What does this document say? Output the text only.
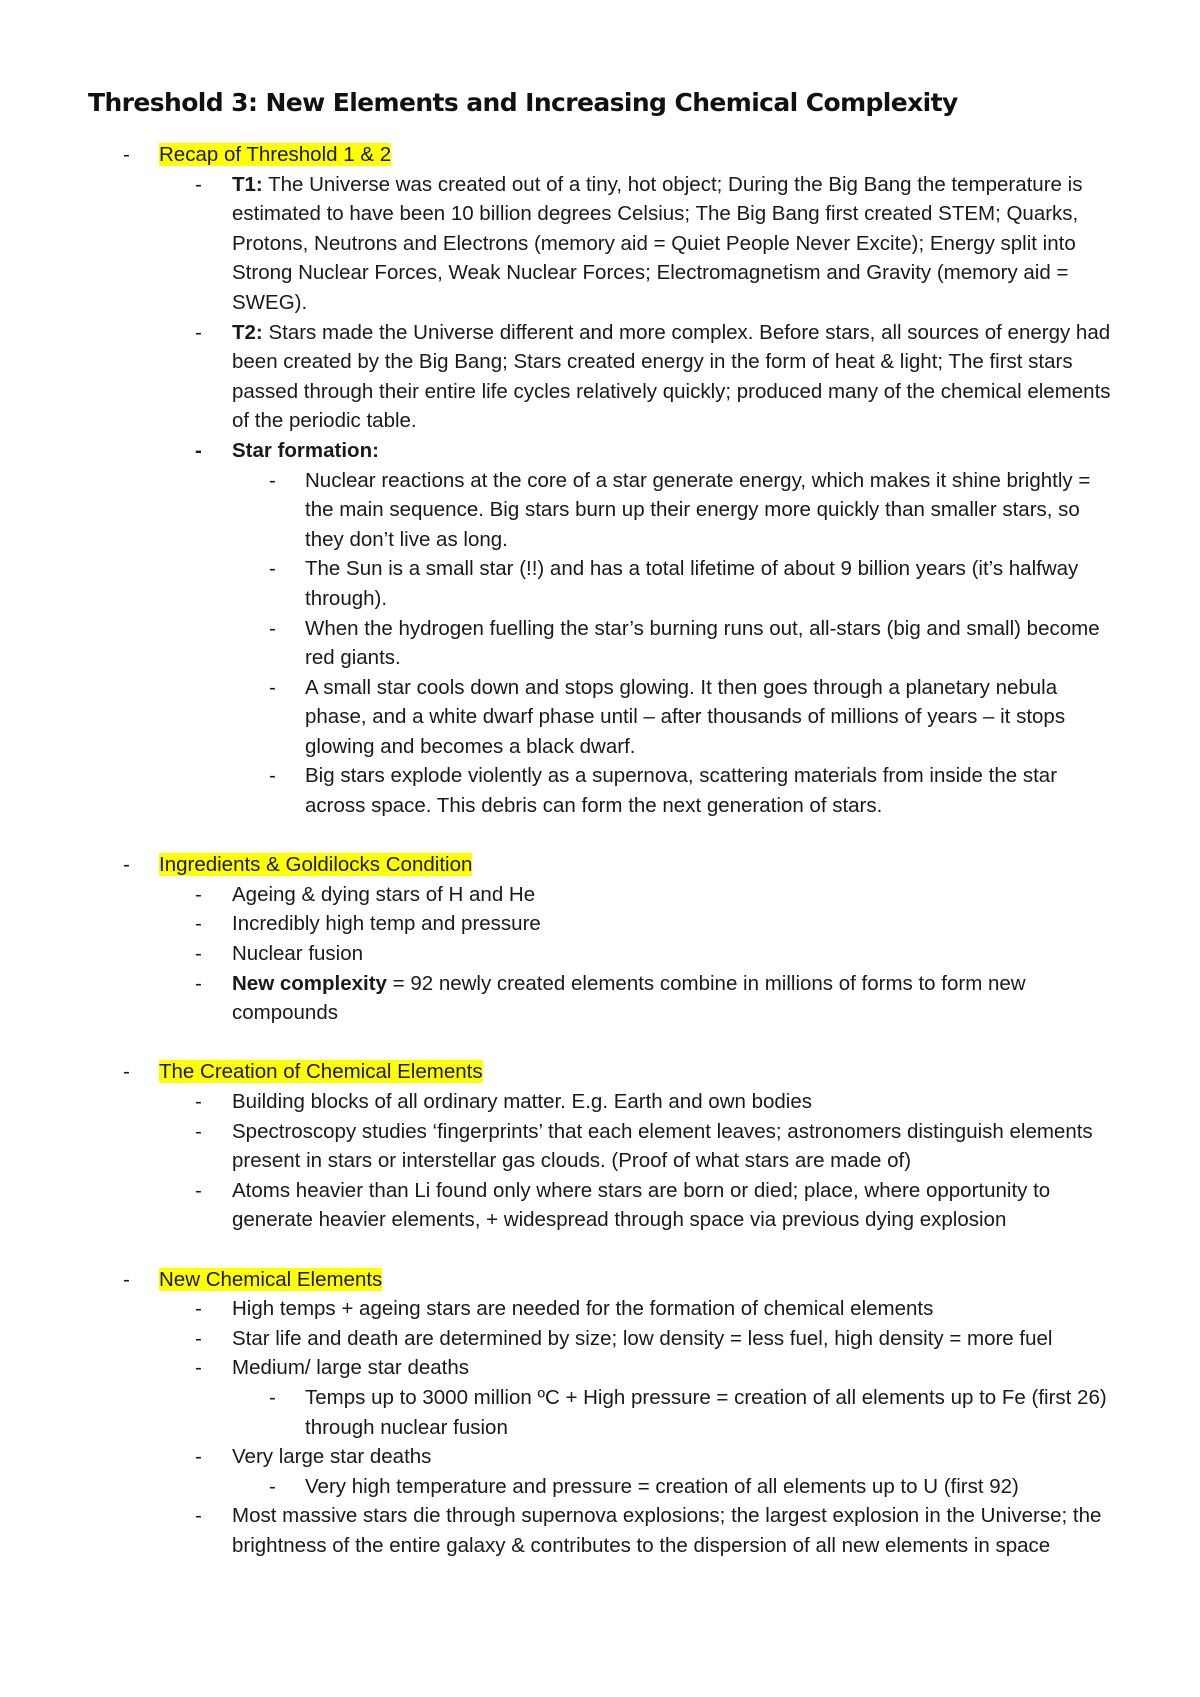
Threshold 3: New Elements and Increasing Chemical Complexity
- Recap of Threshold 1 & 2
- T1: The Universe was created out of a tiny, hot object; During the Big Bang the temperature is estimated to have been 10 billion degrees Celsius; The Big Bang first created STEM; Quarks, Protons, Neutrons and Electrons (memory aid = Quiet People Never Excite); Energy split into Strong Nuclear Forces, Weak Nuclear Forces; Electromagnetism and Gravity (memory aid = SWEG).
- T2: Stars made the Universe different and more complex. Before stars, all sources of energy had been created by the Big Bang; Stars created energy in the form of heat & light; The first stars passed through their entire life cycles relatively quickly; produced many of the chemical elements of the periodic table.
- Star formation:
- Nuclear reactions at the core of a star generate energy, which makes it shine brightly = the main sequence. Big stars burn up their energy more quickly than smaller stars, so they don’t live as long.
- The Sun is a small star (!!) and has a total lifetime of about 9 billion years (it’s halfway through).
- When the hydrogen fuelling the star’s burning runs out, all-stars (big and small) become red giants.
- A small star cools down and stops glowing. It then goes through a planetary nebula phase, and a white dwarf phase until – after thousands of millions of years – it stops glowing and becomes a black dwarf.
- Big stars explode violently as a supernova, scattering materials from inside the star across space. This debris can form the next generation of stars.
- Ingredients & Goldilocks Condition
- Ageing & dying stars of H and He
- Incredibly high temp and pressure
- Nuclear fusion
- New complexity = 92 newly created elements combine in millions of forms to form new compounds
- The Creation of Chemical Elements
- Building blocks of all ordinary matter. E.g. Earth and own bodies
- Spectroscopy studies ‘fingerprints’ that each element leaves; astronomers distinguish elements present in stars or interstellar gas clouds. (Proof of what stars are made of)
- Atoms heavier than Li found only where stars are born or died; place, where opportunity to generate heavier elements, + widespread through space via previous dying explosion
- New Chemical Elements
- High temps + ageing stars are needed for the formation of chemical elements
- Star life and death are determined by size; low density = less fuel, high density = more fuel
- Medium/ large star deaths
- Temps up to 3000 million ºC + High pressure = creation of all elements up to Fe (first 26) through nuclear fusion
- Very large star deaths
- Very high temperature and pressure = creation of all elements up to U (first 92)
- Most massive stars die through supernova explosions; the largest explosion in the Universe; the brightness of the entire galaxy & contributes to the dispersion of all new elements in space
